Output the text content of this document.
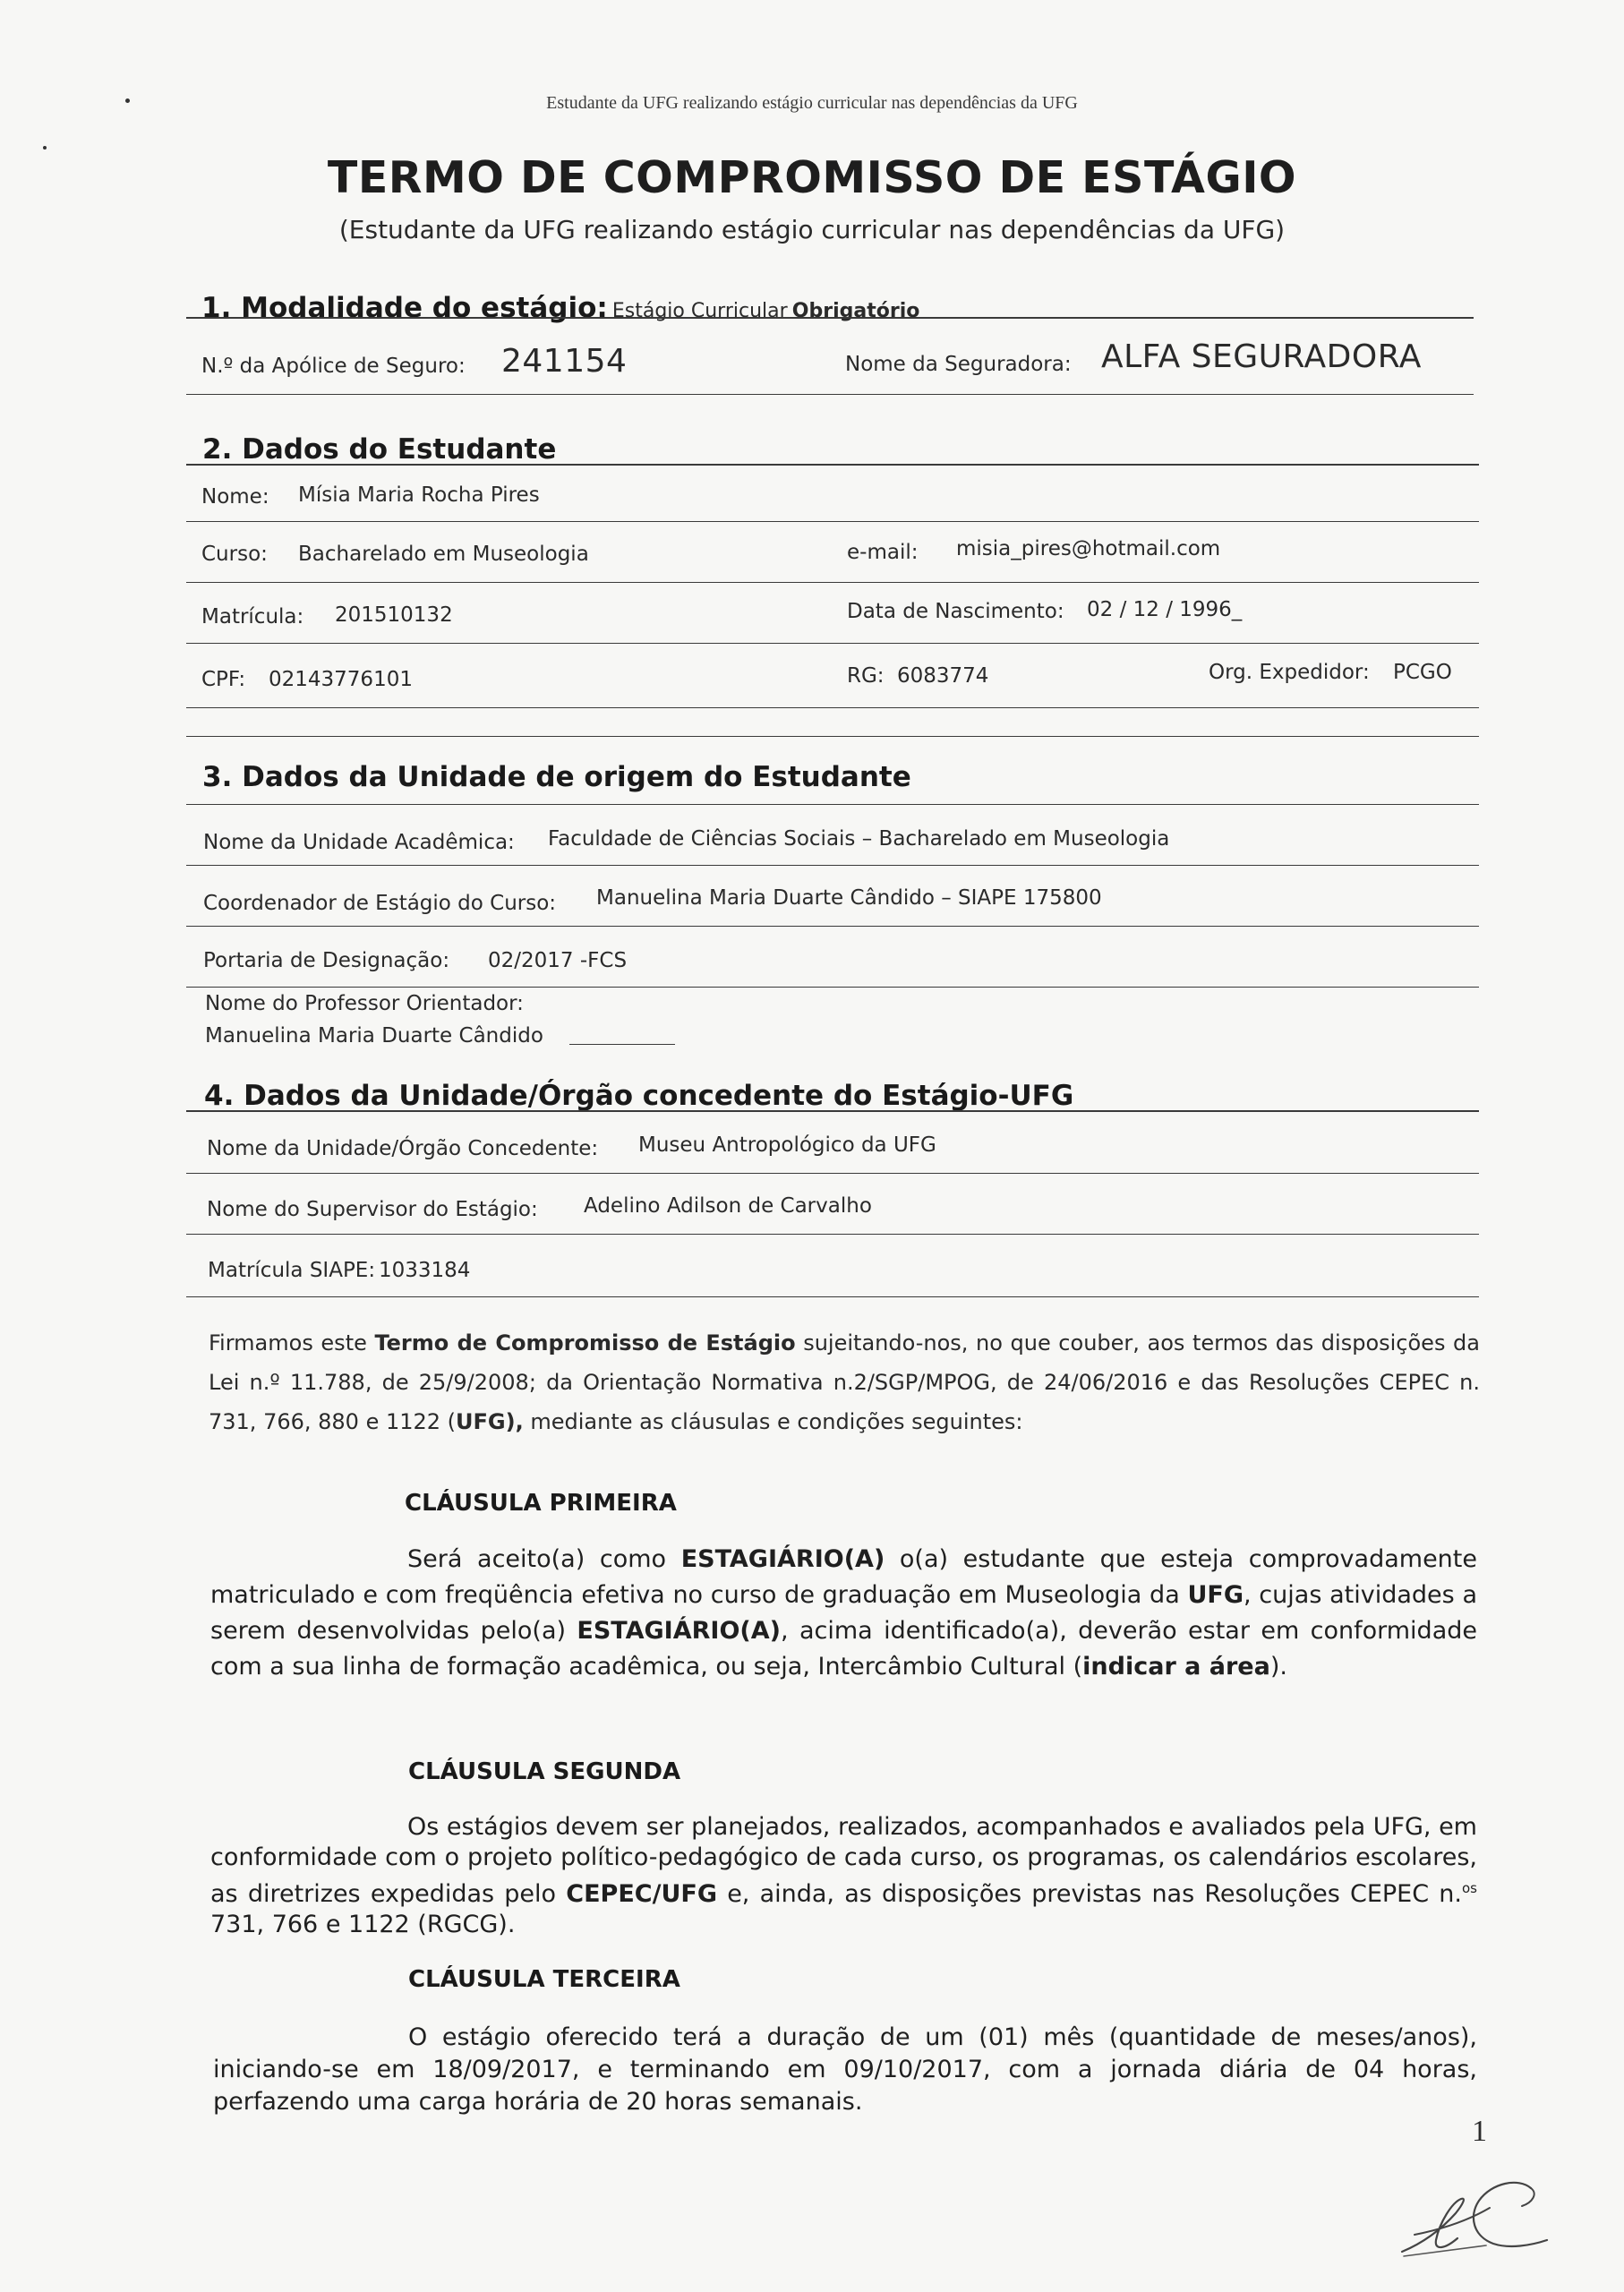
Estudante da UFG realizando estágio curricular nas dependências da UFG
TERMO DE COMPROMISSO DE ESTÁGIO
(Estudante da UFG realizando estágio curricular nas dependências da UFG)
1. Modalidade do estágio: Estágio Curricular Obrigatório
N.º da Apólice de Seguro: 241154	Nome da Seguradora: ALFA SEGURADORA
2. Dados do Estudante
Nome: Mísia Maria Rocha Pires
Curso: Bacharelado em Museologia	e-mail: misia_pires@hotmail.com
Matrícula: 201510132	Data de Nascimento: 02 / 12 / 1996_
CPF: 02143776101	RG: 6083774	Org. Expedidor: PCGO
3. Dados da Unidade de origem do Estudante
Nome da Unidade Acadêmica: Faculdade de Ciências Sociais – Bacharelado em Museologia
Coordenador de Estágio do Curso: Manuelina Maria Duarte Cândido – SIAPE 175800
Portaria de Designação: 02/2017 -FCS
Nome do Professor Orientador:
Manuelina Maria Duarte Cândido
4. Dados da Unidade/Órgão concedente do Estágio-UFG
Nome da Unidade/Órgão Concedente: Museu Antropológico da UFG
Nome do Supervisor do Estágio: Adelino Adilson de Carvalho
Matrícula SIAPE: 1033184
Firmamos este Termo de Compromisso de Estágio sujeitando-nos, no que couber, aos termos das disposições da Lei n.º 11.788, de 25/9/2008; da Orientação Normativa n.2/SGP/MPOG, de 24/06/2016 e das Resoluções CEPEC n. 731, 766, 880 e 1122 (UFG), mediante as cláusulas e condições seguintes:
CLÁUSULA PRIMEIRA

Será aceito(a) como ESTAGIÁRIO(A) o(a) estudante que esteja comprovadamente matriculado e com freqüência efetiva no curso de graduação em Museologia da UFG, cujas atividades a serem desenvolvidas pelo(a) ESTAGIÁRIO(A), acima identificado(a), deverão estar em conformidade com a sua linha de formação acadêmica, ou seja, Intercâmbio Cultural (indicar a área).

CLÁUSULA SEGUNDA

Os estágios devem ser planejados, realizados, acompanhados e avaliados pela UFG, em conformidade com o projeto político-pedagógico de cada curso, os programas, os calendários escolares, as diretrizes expedidas pelo CEPEC/UFG e, ainda, as disposições previstas nas Resoluções CEPEC n.$^{os}$ 731, 766 e 1122 (RGCG).

CLÁUSULA TERCEIRA

O estágio oferecido terá a duração de um (01) mês (quantidade de meses/anos), iniciando-se em 18/09/2017, e terminando em 09/10/2017, com a jornada diária de 04 horas, perfazendo uma carga horária de 20 horas semanais.

1
